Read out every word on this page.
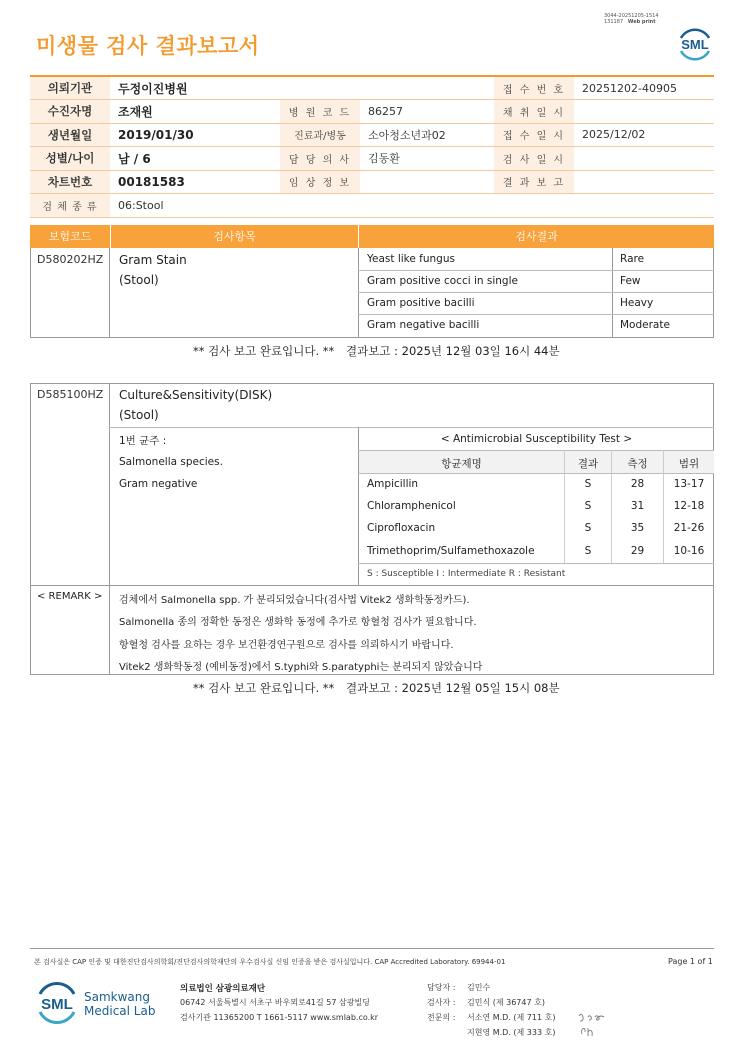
3044-20251205-1514
131187 Web print
미생물 검사 결과보고서	SML
의뢰기관	두정이진병원			접 수 번 호	20251202-40905
수진자명	조재원	병 원 코 드	86257	채 취 일 시	
생년월일	2019/01/30	진료과/병동	소아청소년과02	접 수 일 시	2025/12/02
성별/나이	남 / 6	담 당 의 사	김동환	검 사 일 시	
차트번호	00181583	임 상 정 보		결 과 보 고	
검 체 종 류	06:Stool				
보험코드	검사항목	검사결과
D580202HZ Gram Stain
(Stool)
Yeast like fungus	Rare
Gram positive cocci in single	Few
Gram positive bacilli	Heavy
Gram negative bacilli	Moderate
** 검사 보고 완료입니다. ** 결과보고 : 2025년 12월 03일 16시 44분
D585100HZ Culture&Sensitivity(DISK)
(Stool)
1번 균주 :
Salmonella species.
Gram negative
< Antimicrobial Susceptibility Test >
항균제명	결과	측정	범위
Ampicillin	S	28	13-17
Chloramphenicol	S	31	12-18
Ciprofloxacin	S	35	21-26
Trimethoprim/Sulfamethoxazole	S	29	10-16
S : Susceptible I : Intermediate R : Resistant
< REMARK > 검체에서 Salmonella spp. 가 분리되었습니다(검사법 Vitek2 생화학동정카드).
Salmonella 종의 정확한 동정은 생화학 동정에 추가로 항혈청 검사가 필요합니다.
항혈청 검사를 요하는 경우 보건환경연구원으로 검사를 의뢰하시기 바랍니다.
Vitek2 생화학동정 (예비동정)에서 S.typhi와 S.paratyphi는 분리되지 않았습니다
** 검사 보고 완료입니다. ** 결과보고 : 2025년 12월 05일 15시 08분
본 검사실은 CAP 인증 및 대한진단검사의학회/진단검사의학재단의 우수검사실 신임 인증을 받은 검사실입니다. CAP Accredited Laboratory. 69944-01	Page 1 of 1
SML Samkwang
Medical Lab
의료법인 삼광의료재단
06742 서울특별시 서초구 바우뫼로41길 57 삼광빌딩
검사기관 11365200 T 1661-5117 www.smlab.co.kr
담당자 : 김민수
검사자 : 김민식 (제 36747 호)
전문의 : 서소연 M.D. (제 711 호)
지현영 M.D. (제 333 호)
